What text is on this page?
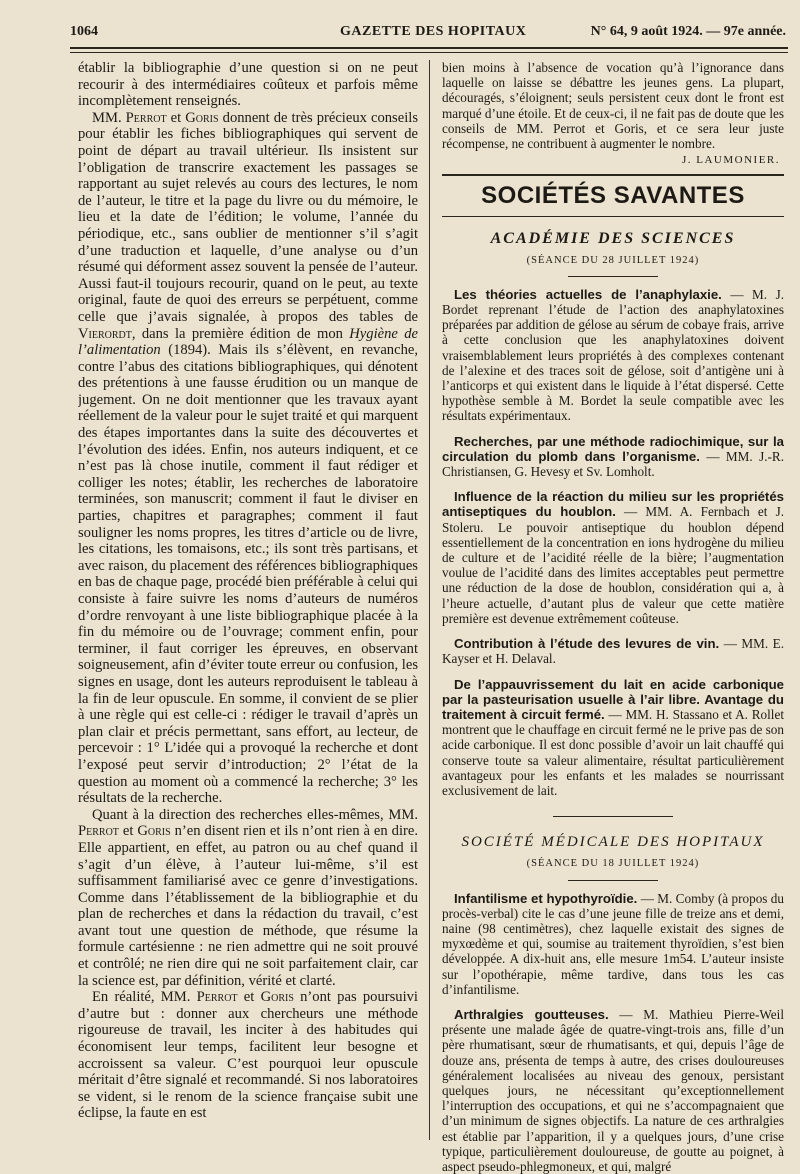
1064	GAZETTE DES HOPITAUX	N° 64, 9 août 1924. — 97e année.

établir la bibliographie d’une question si on ne peut recourir à des intermédiaires coûteux et parfois même incomplètement renseignés.

MM. Perrot et Goris donnent de très précieux conseils pour établir les fiches bibliographiques qui servent de point de départ au travail ultérieur. Ils insistent sur l’obligation de transcrire exactement les passages se rapportant au sujet relevés au cours des lectures, le nom de l’auteur, le titre et la page du livre ou du mémoire, le lieu et la date de l’édition; le volume, l’année du périodique, etc., sans oublier de mentionner s’il s’agit d’une traduction et laquelle, d’une analyse ou d’un résumé qui déforment assez souvent la pensée de l’auteur. Aussi faut-il toujours recourir, quand on le peut, au texte original, faute de quoi des erreurs se perpétuent, comme celle que j’avais signalée, à propos des tables de Vierordt, dans la première édition de mon Hygiène de l’alimentation (1894). Mais ils s’élèvent, en revanche, contre l’abus des citations bibliographiques, qui dénotent des prétentions à une fausse érudition ou un manque de jugement. On ne doit mentionner que les travaux ayant réellement de la valeur pour le sujet traité et qui marquent des étapes importantes dans la suite des découvertes et l’évolution des idées. Enfin, nos auteurs indiquent, et ce n’est pas là chose inutile, comment il faut rédiger et colliger les notes; établir, les recherches de laboratoire terminées, son manuscrit; comment il faut le diviser en parties, chapitres et paragraphes; comment il faut souligner les noms propres, les titres d’article ou de livre, les citations, les tomaisons, etc.; ils sont très partisans, et avec raison, du placement des références bibliographiques en bas de chaque page, procédé bien préférable à celui qui consiste à faire suivre les noms d’auteurs de numéros d’ordre renvoyant à une liste bibliographique placée à la fin du mémoire ou de l’ouvrage; comment enfin, pour terminer, il faut corriger les épreuves, en observant soigneusement, afin d’éviter toute erreur ou confusion, les signes en usage, dont les auteurs reproduisent le tableau à la fin de leur opuscule. En somme, il convient de se plier à une règle qui est celle-ci : rédiger le travail d’après un plan clair et précis permettant, sans effort, au lecteur, de percevoir : 1° L’idée qui a provoqué la recherche et dont l’exposé peut servir d’introduction; 2° l’état de la question au moment où a commencé la recherche; 3° les résultats de la recherche.

Quant à la direction des recherches elles-mêmes, MM. Perrot et Goris n’en disent rien et ils n’ont rien à en dire. Elle appartient, en effet, au patron ou au chef quand il s’agit d’un élève, à l’auteur lui-même, s’il est suffisamment familiarisé avec ce genre d’investigations. Comme dans l’établissement de la bibliographie et du plan de recherches et dans la rédaction du travail, c’est avant tout une question de méthode, que résume la formule cartésienne : ne rien admettre qui ne soit prouvé et contrôlé; ne rien dire qui ne soit parfaitement clair, car la science est, par définition, vérité et clarté.

En réalité, MM. Perrot et Goris n’ont pas poursuivi d’autre but : donner aux chercheurs une méthode rigoureuse de travail, les inciter à des habitudes qui économisent leur temps, facilitent leur besogne et accroissent sa valeur. C’est pourquoi leur opuscule méritait d’être signalé et recommandé. Si nos laboratoires se vident, si le renom de la science française subit une éclipse, la faute en est

bien moins à l’absence de vocation qu’à l’ignorance dans laquelle on laisse se débattre les jeunes gens. La plupart, découragés, s’éloignent; seuls persistent ceux dont le front est marqué d’une étoile. Et de ceux-ci, il ne fait pas de doute que les conseils de MM. Perrot et Goris, et ce sera leur juste récompense, ne contribuent à augmenter le nombre.

J. LAUMONIER.
SOCIÉTÉS SAVANTES
ACADÉMIE DES SCIENCES
(SÉANCE DU 28 JUILLET 1924)

Les théories actuelles de l’anaphylaxie. — M. J. Bordet reprenant l’étude de l’action des anaphylatoxines préparées par addition de gélose au sérum de cobaye frais, arrive à cette conclusion que les anaphylatoxines doivent vraisemblablement leurs propriétés à des complexes contenant de l’alexine et des traces soit de gélose, soit d’antigène uni à l’anticorps et qui existent dans le liquide à l’état dispersé. Cette hypothèse semble à M. Bordet la seule compatible avec les résultats expérimentaux.

Recherches, par une méthode radiochimique, sur la circulation du plomb dans l’organisme. — MM. J.-R. Christiansen, G. Hevesy et Sv. Lomholt.

Influence de la réaction du milieu sur les propriétés antiseptiques du houblon. — MM. A. Fernbach et J. Stoleru. Le pouvoir antiseptique du houblon dépend essentiellement de la concentration en ions hydrogène du milieu de culture et de l’acidité réelle de la bière; l’augmentation voulue de l’acidité dans des limites acceptables peut permettre une réduction de la dose de houblon, considération qui a, à l’heure actuelle, d’autant plus de valeur que cette matière première est devenue extrêmement coûteuse.

Contribution à l’étude des levures de vin. — MM. E. Kayser et H. Delaval.

De l’appauvrissement du lait en acide carbonique par la pasteurisation usuelle à l’air libre. Avantage du traitement à circuit fermé. — MM. H. Stassano et A. Rollet montrent que le chauffage en circuit fermé ne le prive pas de son acide carbonique. Il est donc possible d’avoir un lait chauffé qui conserve toute sa valeur alimentaire, résultat particulièrement avantageux pour les enfants et les malades se nourrissant exclusivement de lait.

SOCIÉTÉ MÉDICALE DES HOPITAUX
(SÉANCE DU 18 JUILLET 1924)

Infantilisme et hypothyroïdie. — M. Comby (à propos du procès-verbal) cite le cas d’une jeune fille de treize ans et demi, naine (98 centimètres), chez laquelle existait des signes de myxœdème et qui, soumise au traitement thyroïdien, s’est bien développée. A dix-huit ans, elle mesure 1m54. L’auteur insiste sur l’opothérapie, même tardive, dans tous les cas d’infantilisme.

Arthralgies goutteuses. — M. Mathieu Pierre-Weil présente une malade âgée de quatre-vingt-trois ans, fille d’un père rhumatisant, sœur de rhumatisants, et qui, depuis l’âge de douze ans, présenta de temps à autre, des crises douloureuses généralement localisées au niveau des genoux, persistant quelques jours, ne nécessitant qu’exceptionnellement l’interruption des occupations, et qui ne s’accompagnaient que d’un minimum de signes objectifs. La nature de ces arthralgies est établie par l’apparition, il y a quelques jours, d’une crise typique, particulièrement douloureuse, de goutte au poignet, à aspect pseudo-phlegmoneux, et qui, malgré
